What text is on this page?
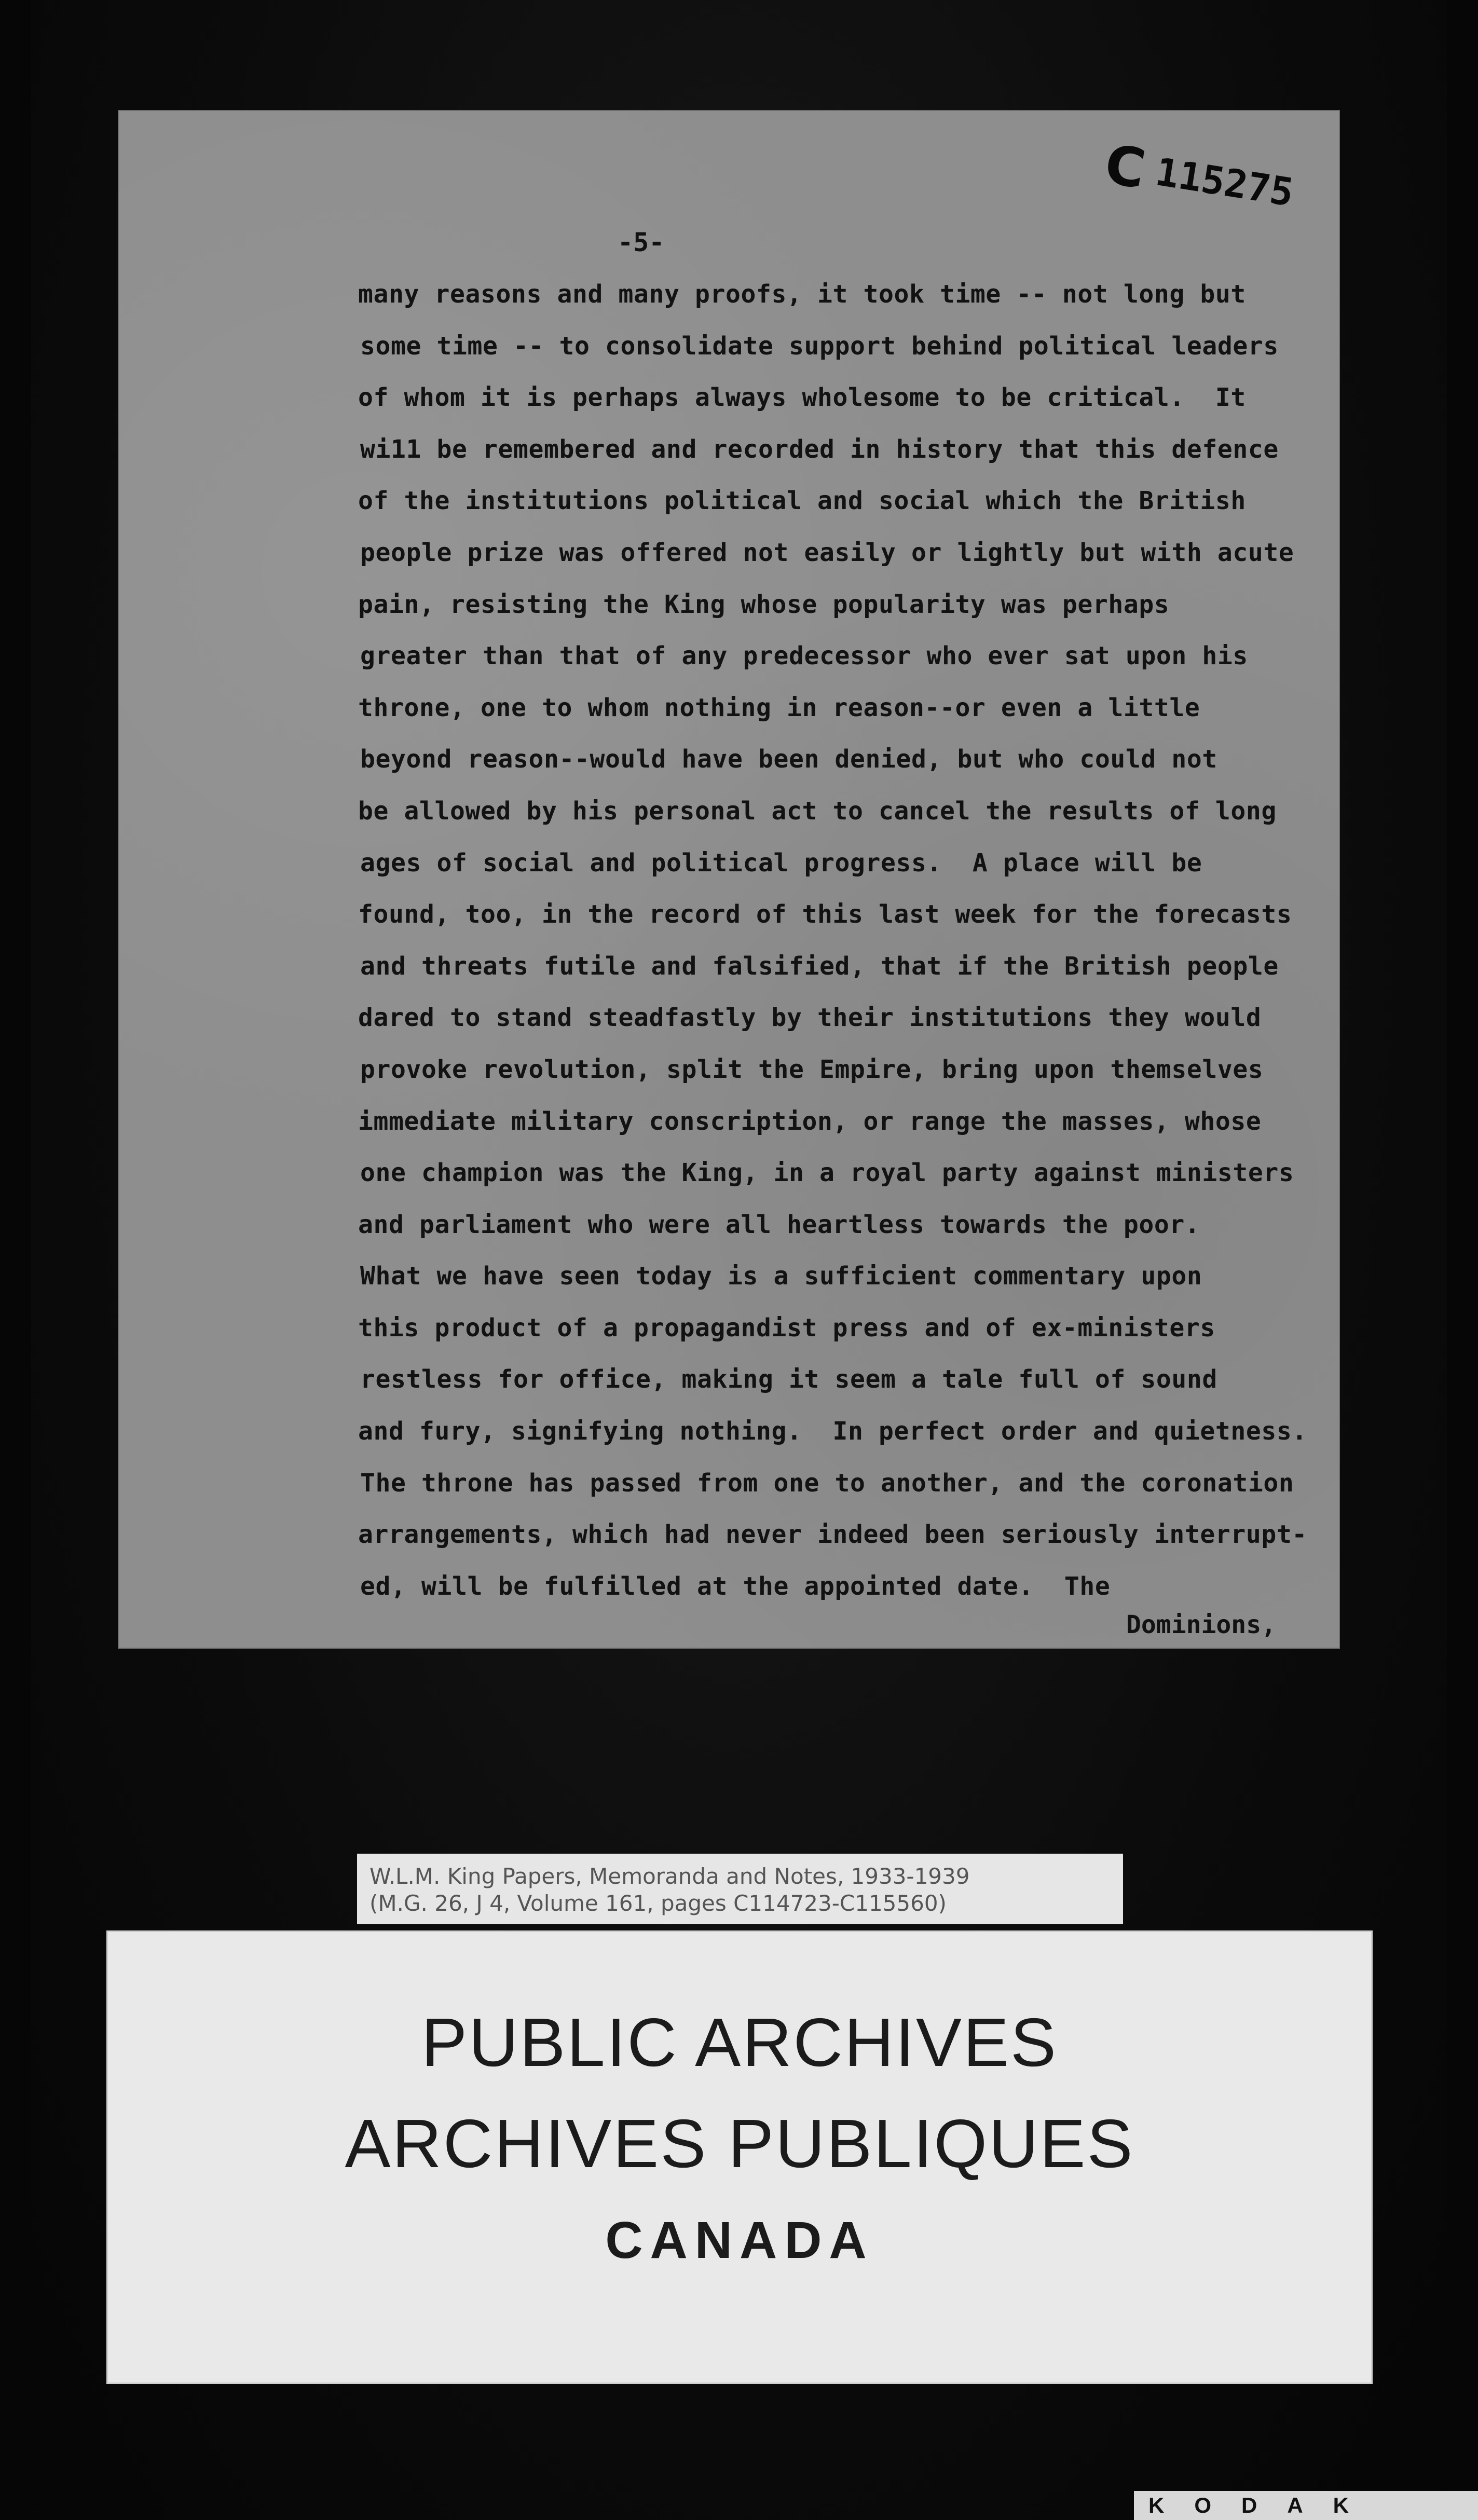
C115275
-5-
many reasons and many proofs, it took time -- not long but
some time -- to consolidate support behind political leaders
of whom it is perhaps always wholesome to be critical.  It
wi11 be remembered and recorded in history that this defence
of the institutions political and social which the British
people prize was offered not easily or lightly but with acute
pain, resisting the King whose popularity was perhaps
greater than that of any predecessor who ever sat upon his
throne, one to whom nothing in reason--or even a little
beyond reason--would have been denied, but who could not
be allowed by his personal act to cancel the results of long
ages of social and political progress.  A place will be
found, too, in the record of this last week for the forecasts
and threats futile and falsified, that if the British people
dared to stand steadfastly by their institutions they would
provoke revolution, split the Empire, bring upon themselves
immediate military conscription, or range the masses, whose
one champion was the King, in a royal party against ministers
and parliament who were all heartless towards the poor.
What we have seen today is a sufficient commentary upon
this product of a propagandist press and of ex-ministers
restless for office, making it seem a tale full of sound
and fury, signifying nothing.  In perfect order and quietness.
The throne has passed from one to another, and the coronation
arrangements, which had never indeed been seriously interrupt-
ed, will be fulfilled at the appointed date.  The
Dominions,
W.L.M. King Papers, Memoranda and Notes, 1933-1939
(M.G. 26, J 4, Volume 161, pages C114723-C115560)
PUBLIC ARCHIVES
ARCHIVES PUBLIQUES
CANADA
KODAK
